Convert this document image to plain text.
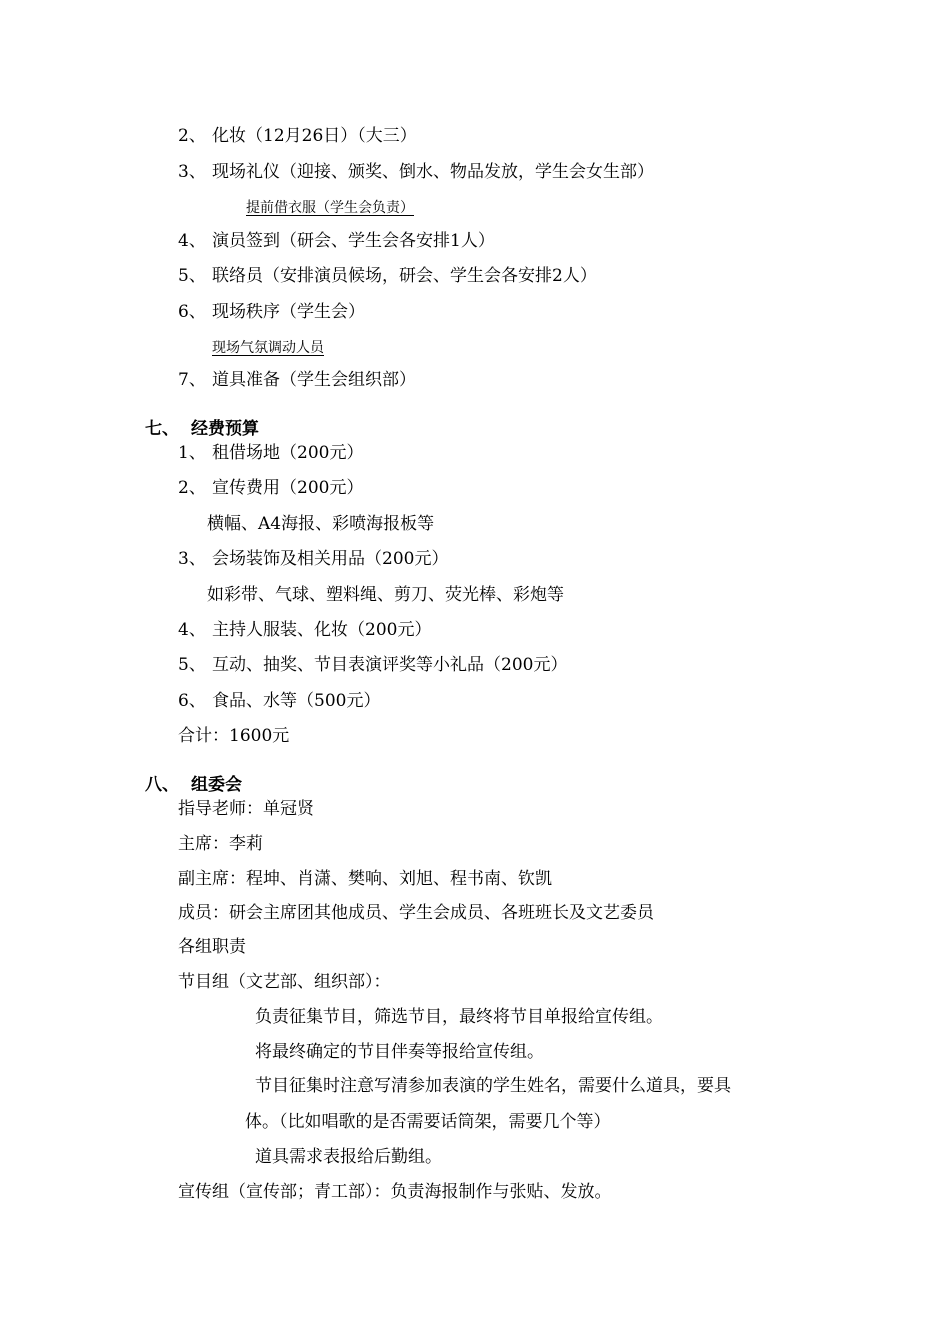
2、 化妆（12月26日）（大三）
3、 现场礼仪（迎接、颁奖、倒水、物品发放，学生会女生部）
提前借衣服（学生会负责）
4、 演员签到（研会、学生会各安排1人）
5、 联络员（安排演员候场，研会、学生会各安排2人）
6、 现场秩序（学生会）
现场气氛调动人员
7、 道具准备（学生会组织部）
七、 经费预算
1、 租借场地（200元）
2、 宣传费用（200元）
横幅、A4海报、彩喷海报板等
3、 会场装饰及相关用品（200元）
如彩带、气球、塑料绳、剪刀、荧光棒、彩炮等
4、 主持人服装、化妆（200元）
5、 互动、抽奖、节目表演评奖等小礼品（200元）
6、 食品、水等（500元）
合计：1600元
八、 组委会
指导老师：单冠贤
主席：李莉
副主席：程坤、肖潇、樊响、刘旭、程书南、钦凯
成员：研会主席团其他成员、学生会成员、各班班长及文艺委员
各组职责
节目组（文艺部、组织部）：
负责征集节目，筛选节目，最终将节目单报给宣传组。
将最终确定的节目伴奏等报给宣传组。
节目征集时注意写清参加表演的学生姓名，需要什么道具，要具
体。（比如唱歌的是否需要话筒架，需要几个等）
道具需求表报给后勤组。
宣传组（宣传部；青工部）：负责海报制作与张贴、发放。
